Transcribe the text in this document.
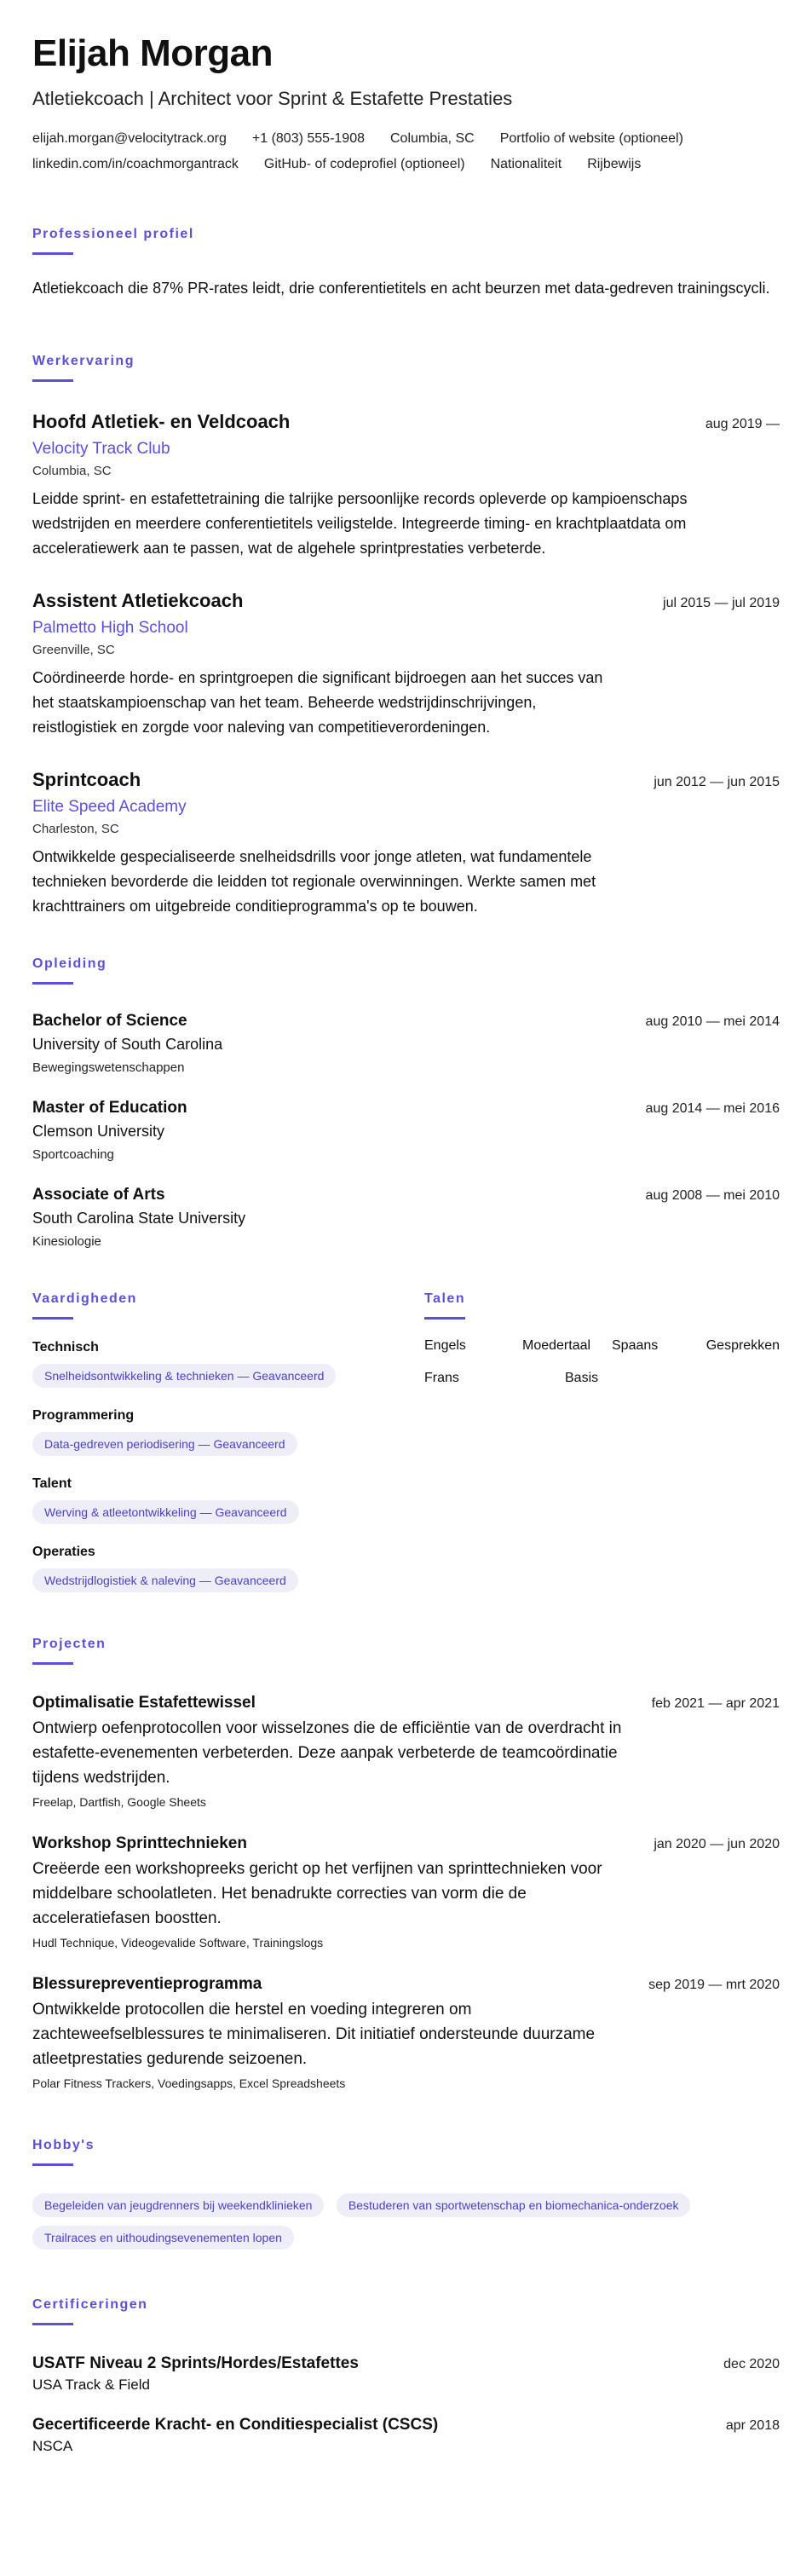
Elijah Morgan
Atletiekcoach | Architect voor Sprint & Estafette Prestaties
elijah.morgan@velocitytrack.org +1 (803) 555-1908 Columbia, SC Portfolio of website (optioneel)
linkedin.com/in/coachmorgantrack GitHub- of codeprofiel (optioneel) Nationaliteit Rijbewijs
Professioneel profiel
Atletiekcoach die 87% PR-rates leidt, drie conferentietitels en acht beurzen met data-gedreven trainingscycli.
Werkervaring
Hoofd Atletiek- en Veldcoach	aug 2019 —
Velocity Track Club
Columbia, SC
Leidde sprint- en estafettetraining die talrijke persoonlijke records opleverde op kampioenschaps wedstrijden en meerdere conferentietitels veiligstelde. Integreerde timing- en krachtplaatdata om acceleratiewerk aan te passen, wat de algehele sprintprestaties verbeterde.
Assistent Atletiekcoach	jul 2015 — jul 2019
Palmetto High School
Greenville, SC
Coördineerde horde- en sprintgroepen die significant bijdroegen aan het succes van het staatskampioenschap van het team. Beheerde wedstrijdinschrijvingen, reistlogistiek en zorgde voor naleving van competitieverordeningen.
Sprintcoach	jun 2012 — jun 2015
Elite Speed Academy
Charleston, SC
Ontwikkelde gespecialiseerde snelheidsdrills voor jonge atleten, wat fundamentele technieken bevorderde die leidden tot regionale overwinningen. Werkte samen met krachttrainers om uitgebreide conditieprogramma's op te bouwen.
Opleiding
Bachelor of Science	aug 2010 — mei 2014
University of South Carolina
Bewegingswetenschappen
Master of Education	aug 2014 — mei 2016
Clemson University
Sportcoaching
Associate of Arts	aug 2008 — mei 2010
South Carolina State University
Kinesiologie
Vaardigheden
Technisch
Snelheidsontwikkeling & technieken — Geavanceerd
Programmering
Data-gedreven periodisering — Geavanceerd
Talent
Werving & atleetontwikkeling — Geavanceerd
Operaties
Wedstrijdlogistiek & naleving — Geavanceerd
Talen
Engels	Moedertaal	Spaans	Gesprekken
Frans	Basis
Projecten
Optimalisatie Estafettewissel	feb 2021 — apr 2021
Ontwierp oefenprotocollen voor wisselzones die de efficiëntie van de overdracht in estafette-evenementen verbeterden. Deze aanpak verbeterde de teamcoördinatie tijdens wedstrijden.
Freelap, Dartfish, Google Sheets
Workshop Sprinttechnieken	jan 2020 — jun 2020
Creëerde een workshopreeks gericht op het verfijnen van sprinttechnieken voor middelbare schoolatleten. Het benadrukte correcties van vorm die de acceleratiefasen boostten.
Hudl Technique, Videogevalide Software, Trainingslogs
Blessurepreventieprogramma	sep 2019 — mrt 2020
Ontwikkelde protocollen die herstel en voeding integreren om zachteweefselblessures te minimaliseren. Dit initiatief ondersteunde duurzame atleetprestaties gedurende seizoenen.
Polar Fitness Trackers, Voedingsapps, Excel Spreadsheets
Hobby's
Begeleiden van jeugdrenners bij weekendklinieken	Bestuderen van sportwetenschap en biomechanica-onderzoek Trailraces en uithoudingsevenementen lopen
Certificeringen
USATF Niveau 2 Sprints/Hordes/Estafettes	dec 2020
USA Track & Field
Gecertificeerde Kracht- en Conditiespecialist (CSCS)	apr 2018
NSCA
